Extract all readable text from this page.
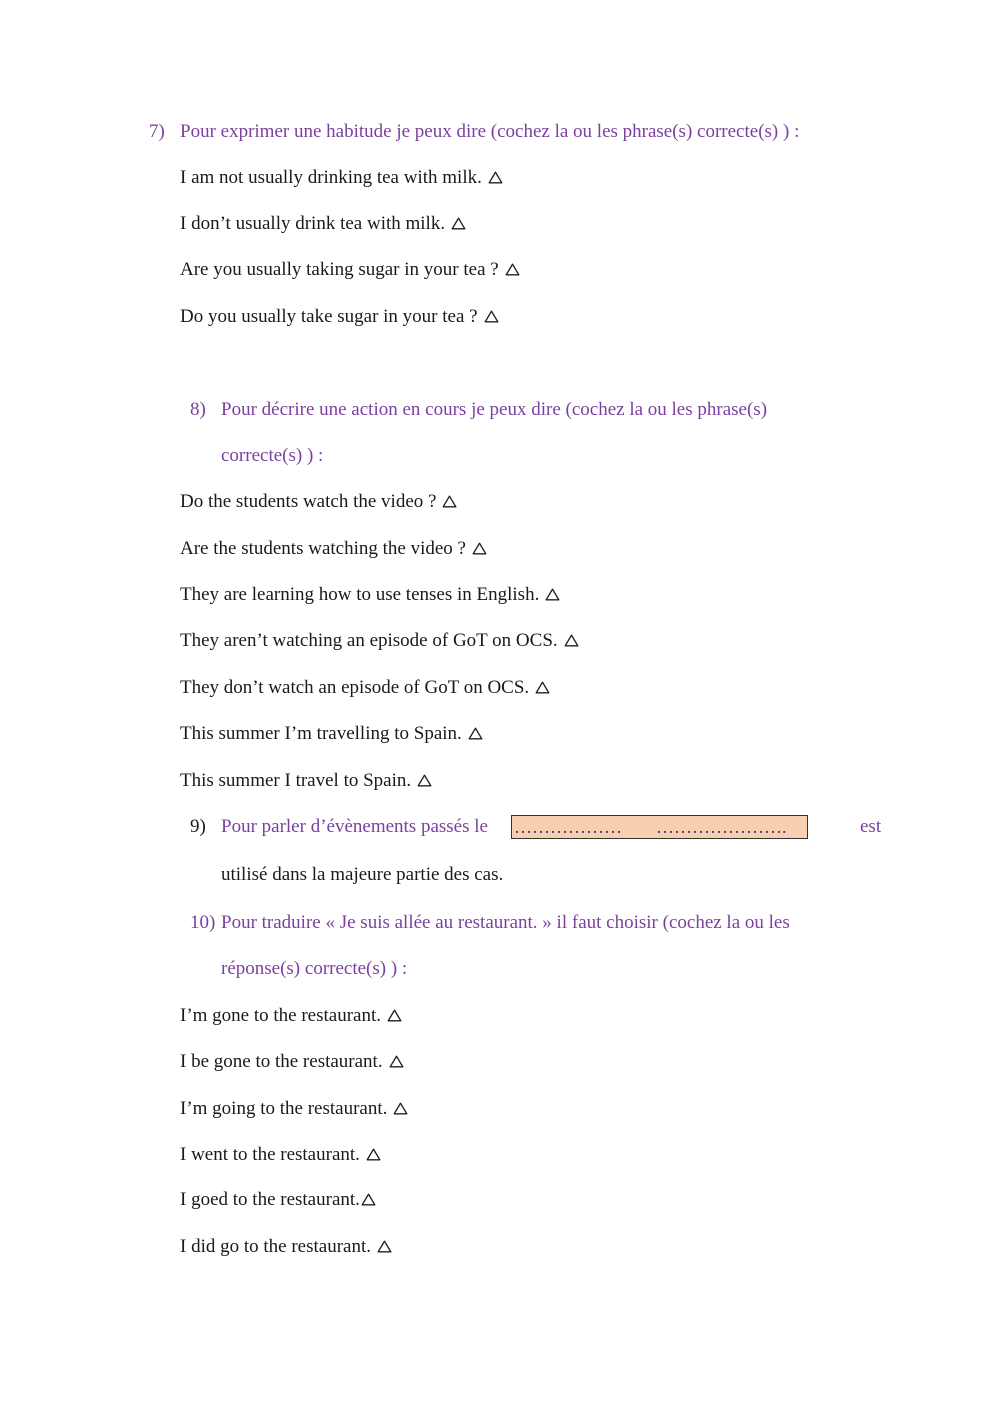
7) Pour exprimer une habitude je peux dire (cochez la ou les phrase(s) correcte(s) ) :
I am not usually drinking tea with milk.
I don’t usually drink tea with milk.
Are you usually taking sugar in your tea ?
Do you usually take sugar in your tea ?
8) Pour décrire une action en cours je peux dire (cochez la ou les phrase(s)
correcte(s) ) :
Do the students watch the video ?
Are the students watching the video ?
They are learning how to use tenses in English.
They aren’t watching an episode of GoT on OCS.
They don’t watch an episode of GoT on OCS.
This summer I’m travelling to Spain.
This summer I travel to Spain.
9) Pour parler d’évènements passés le ……………… ………………….	est
utilisé dans la majeure partie des cas.
10) Pour traduire « Je suis allée au restaurant. » il faut choisir (cochez la ou les
réponse(s) correcte(s) ) :
I’m gone to the restaurant.
I be gone to the restaurant.
I’m going to the restaurant.
I went to the restaurant.
I goed to the restaurant.
I did go to the restaurant.
